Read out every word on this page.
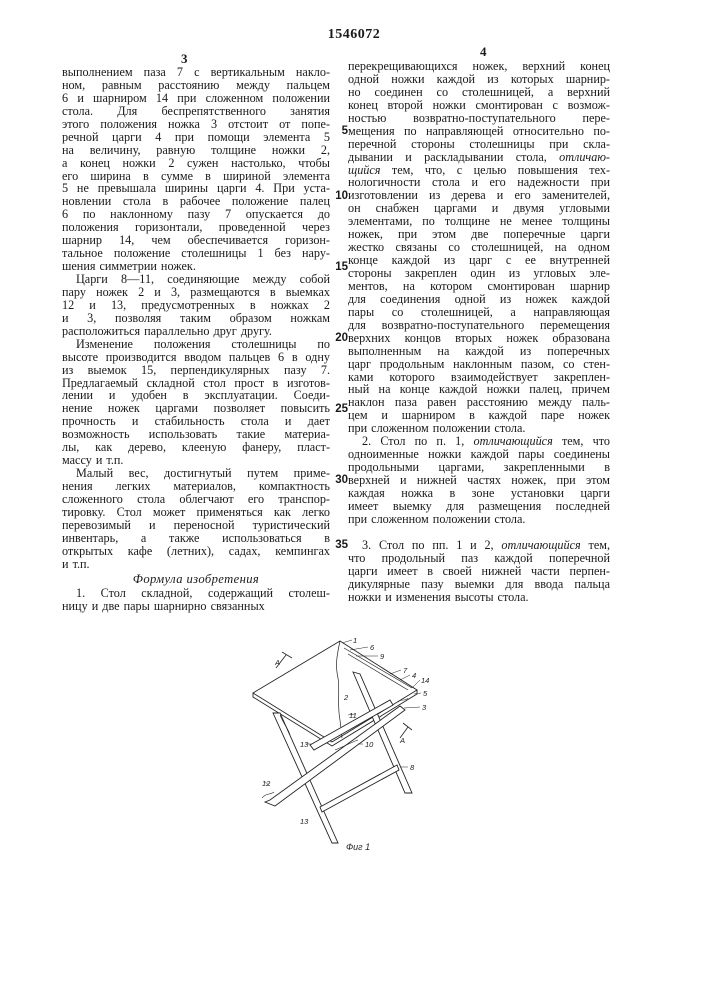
1546072
3	4
выполнением паза 7 с вертикальным накло-
ном, равным расстоянию между пальцем
6 и шарниром 14 при сложенном положении
стола. Для беспрепятственного занятия
этого положения ножка 3 отстоит от попе-
речной царги 4 при помощи элемента 5
на величину, равную толщине ножки 2,
а конец ножки 2 сужен настолько, чтобы
его ширина в сумме в шириной элемента
5 не превышала ширины царги 4. При уста-
новлении стола в рабочее положение палец
6 по наклонному пазу 7 опускается до
положения горизонтали, проведенной через
шарнир 14, чем обеспечивается горизон-
тальное положение столешницы 1 без нару-
шения симметрии ножек.
Царги 8—11, соединяющие между собой
пару ножек 2 и 3, размещаются в выемках
12 и 13, предусмотренных в ножках 2
и 3, позволяя таким образом ножкам
расположиться параллельно друг другу.
Изменение положения столешницы по
высоте производится вводом пальцев 6 в одну
из выемок 15, перпендикулярных пазу 7.
Предлагаемый складной стол прост в изготов-
лении и удобен в эксплуатации. Соеди-
нение ножек царгами позволяет повысить
прочность и стабильность стола и дает
возможность использовать такие материа-
лы, как дерево, клееную фанеру, пласт-
массу и т.п.
Малый вес, достигнутый путем приме-
нения легких материалов, компактность
сложенного стола облегчают его транспор-
тировку. Стол может применяться как легко
перевозимый и переносной туристический
инвентарь, а также использоваться в
открытых кафе (летних), садах, кемпингах
и т.п.
Формула изобретения
1. Стол складной, содержащий столеш-
ницу и две пары шарнирно связанных
перекрещивающихся ножек, верхний конец
одной ножки каждой из которых шарнир-
но соединен со столешницей, а верхний
конец второй ножки смонтирован с возмож-
ностью возвратно-поступательного пере-
мещения по направляющей относительно по-
перечной стороны столешницы при скла-
дывании и раскладывании стола, отличаю-
щийся тем, что, с целью повышения тех-
нологичности стола и его надежности при
изготовлении из дерева и его заменителей,
он снабжен царгами и двумя угловыми
элементами, по толщине не менее толщины
ножек, при этом две поперечные царги
жестко связаны со столешницей, на одном
конце каждой из царг с ее внутренней
стороны закреплен один из угловых эле-
ментов, на котором смонтирован шарнир
для соединения одной из ножек каждой
пары со столешницей, а направляющая
для возвратно-поступательного перемещения
верхних концов вторых ножек образована
выполненным на каждой из поперечных
царг продольным наклонным пазом, со стен-
ками которого взаимодействует закреплен-
ный на конце каждой ножки палец, причем
наклон паза равен расстоянию между паль-
цем и шарниром в каждой паре ножек
при сложенном положении стола.
2. Стол по п. 1, отличающийся тем, что
одноименные ножки каждой пары соединены
продольными царгами, закрепленными в
верхней и нижней частях ножек, при этом
каждая ножка в зоне установки царги
имеет выемку для размещения последней
при сложенном положении стола.
3. Стол по пп. 1 и 2, отличающийся тем,
что продольный паз каждой поперечной
царги имеет в своей нижней части перпен-
дикулярные пазу выемки для ввода пальца
ножки и изменения высоты стола.
5
10
15
20
25
30
35
1
6
9
7
4
14
5
3
2
11
13	10
8
12
13
A
A
Фиг 1
